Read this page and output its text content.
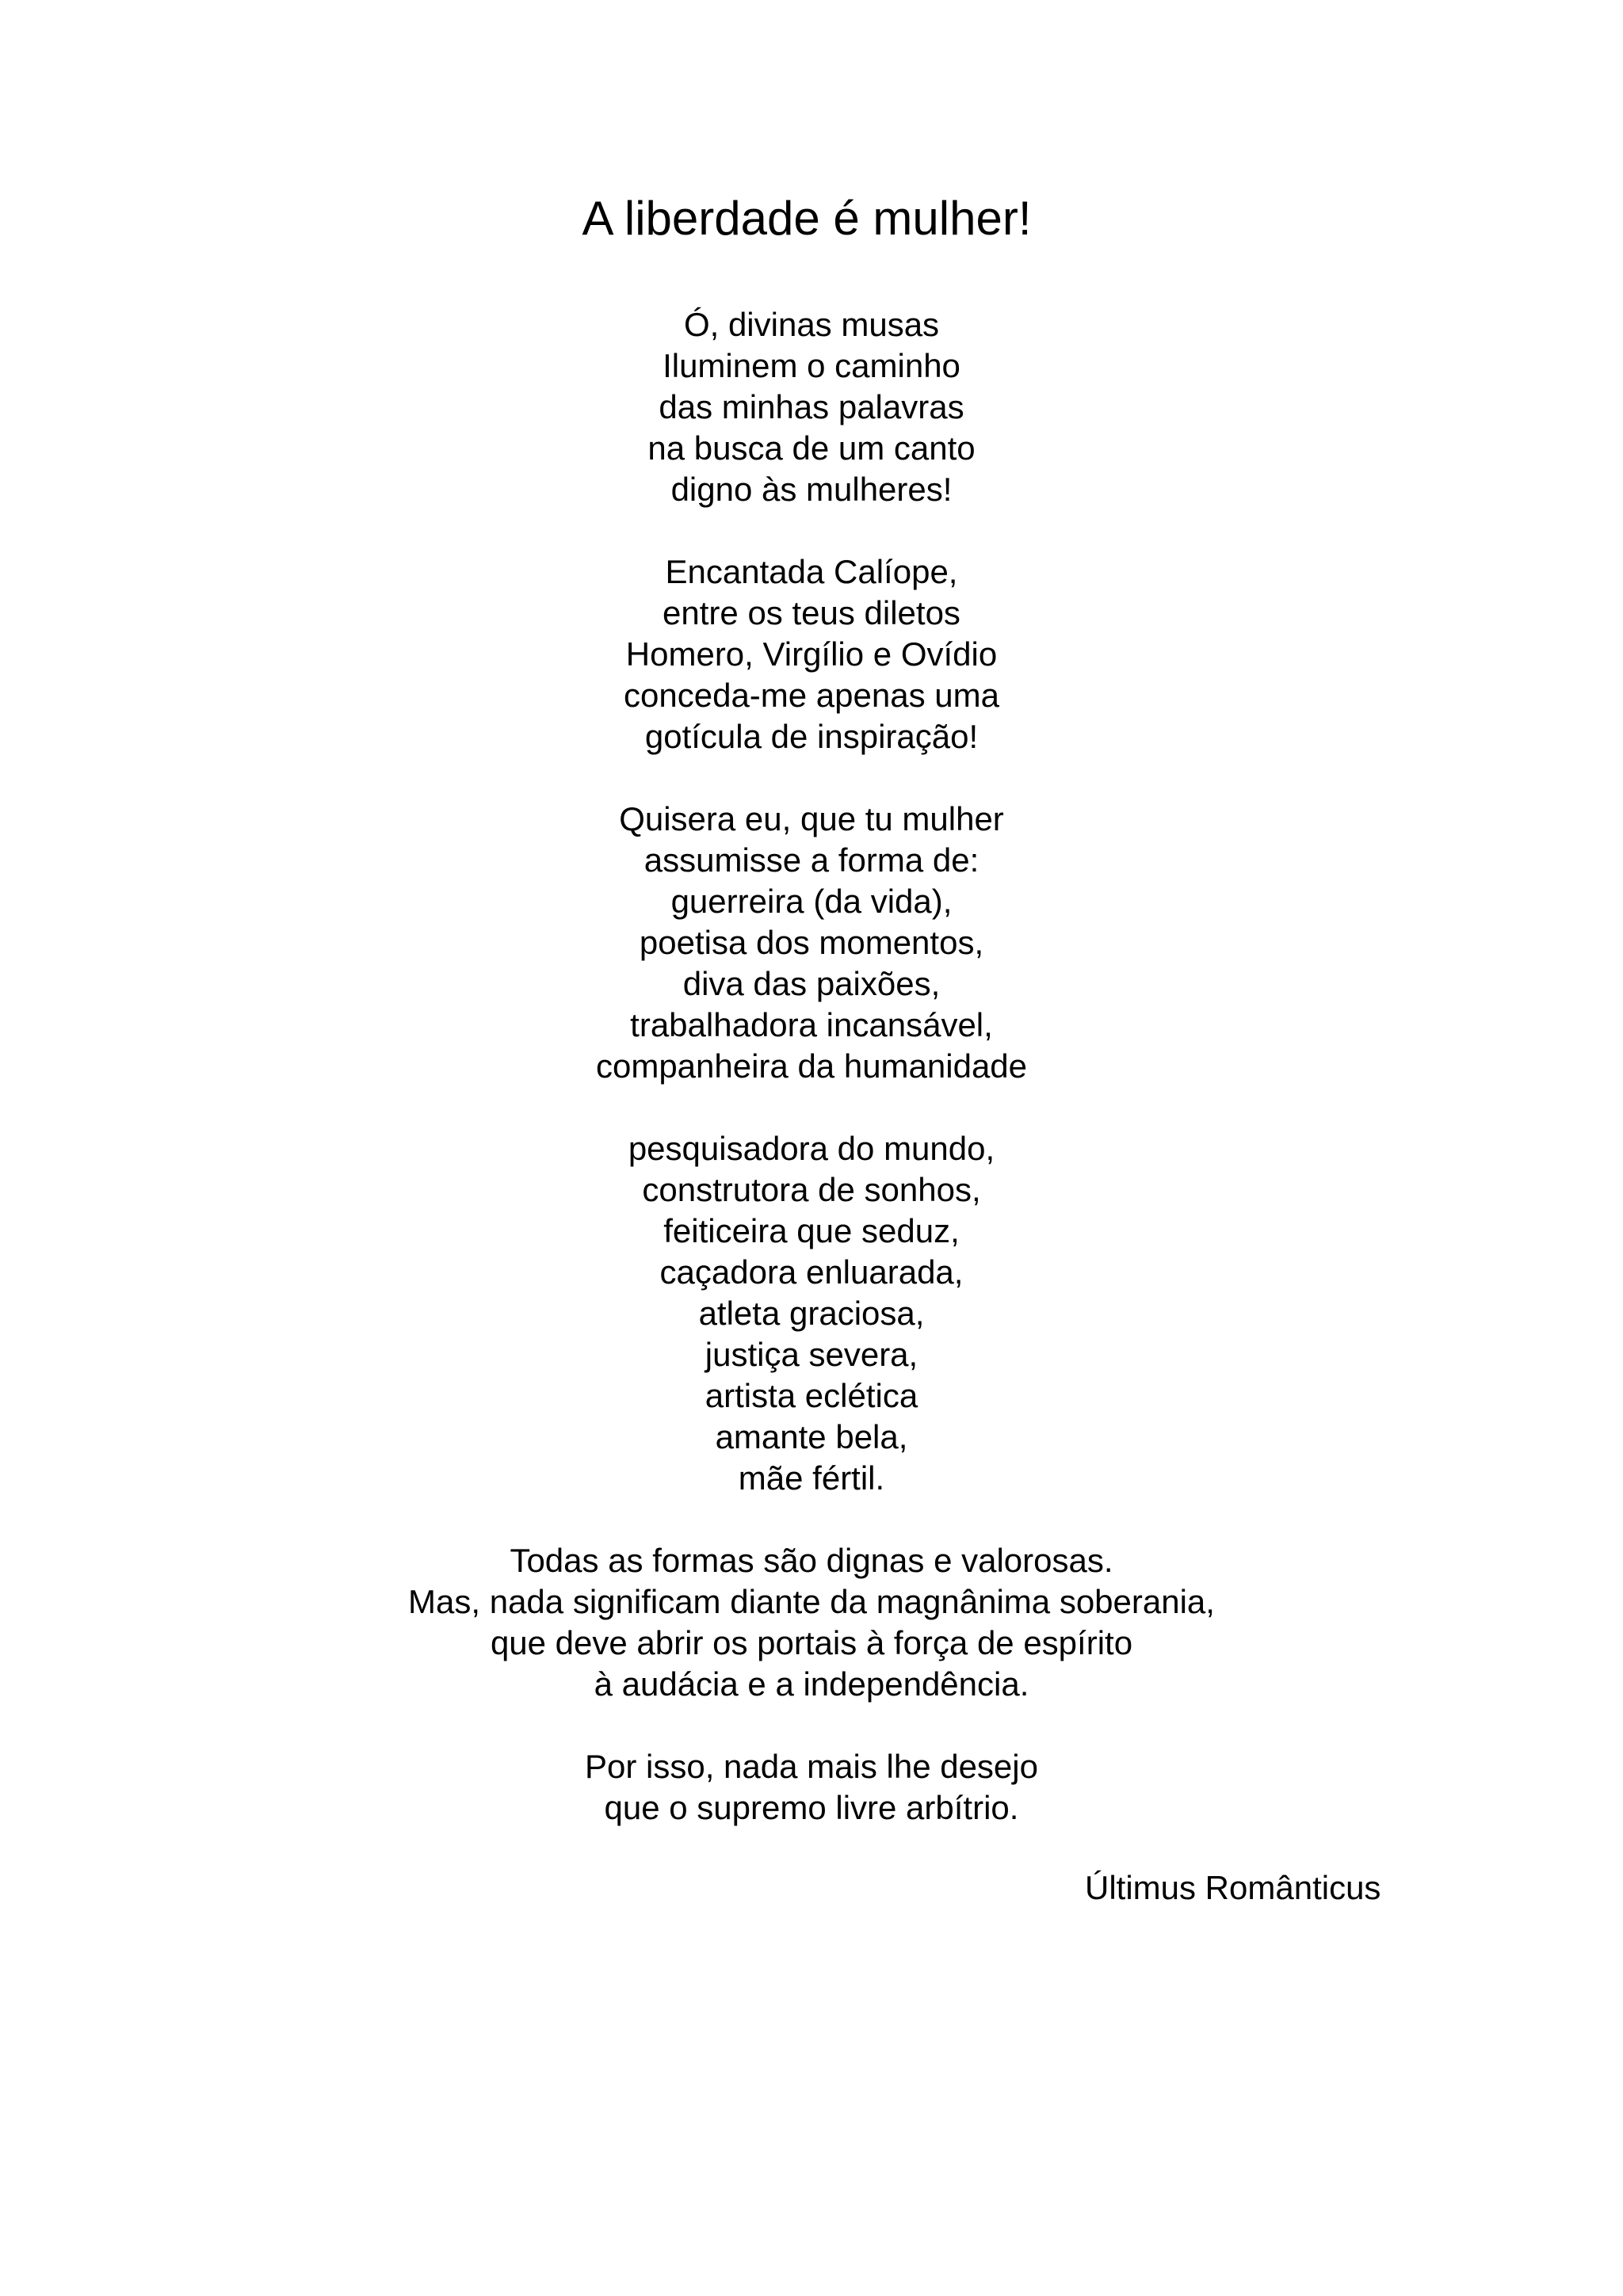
A liberdade é mulher!
Ó, divinas musas
Iluminem o caminho
das minhas palavras
na busca de um canto
digno às mulheres!
Encantada Calíope,
entre os teus diletos
Homero, Virgílio e Ovídio
conceda-me apenas uma
gotícula de inspiração!
Quisera eu, que tu mulher
assumisse a forma de:
guerreira (da vida),
poetisa dos momentos,
diva das paixões,
trabalhadora incansável,
companheira da humanidade
pesquisadora do mundo,
construtora de sonhos,
feiticeira que seduz,
caçadora enluarada,
atleta graciosa,
justiça severa,
artista eclética
amante bela,
mãe fértil.
Todas as formas são dignas e valorosas.
Mas, nada significam diante da magnânima soberania,
que deve abrir os portais à força de espírito
à audácia e a independência.
Por isso, nada mais lhe desejo
que o supremo livre arbítrio.
Últimus Românticus
